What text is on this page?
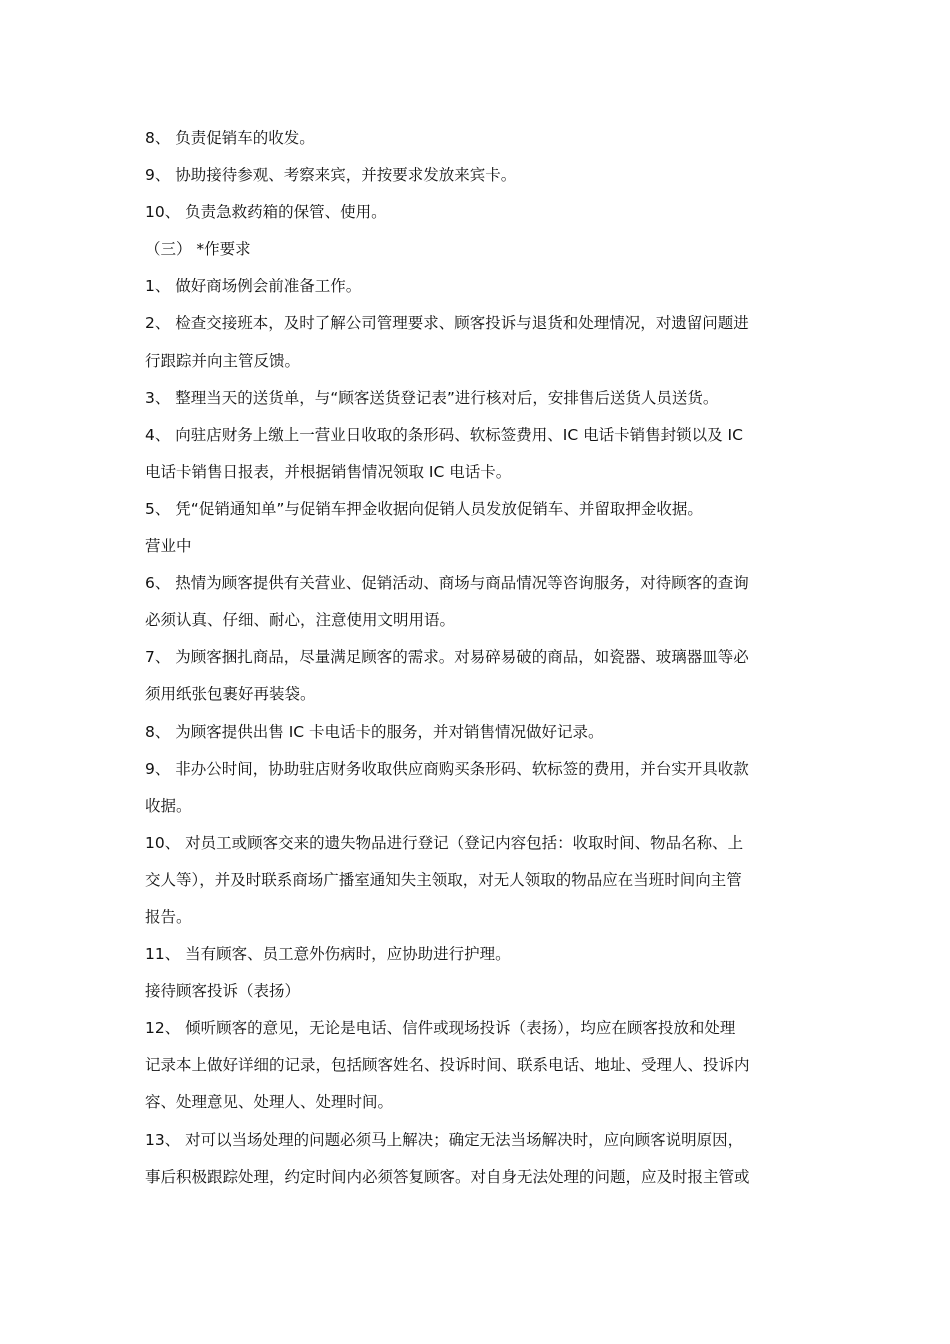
8、 负责促销车的收发。
9、 协助接待参观、考察来宾，并按要求发放来宾卡。
10、 负责急救药箱的保管、使用。
（三） *作要求
1、 做好商场例会前准备工作。
2、 检查交接班本，及时了解公司管理要求、顾客投诉与退货和处理情况，对遗留问题进
行跟踪并向主管反馈。
3、 整理当天的送货单，与“顾客送货登记表”进行核对后，安排售后送货人员送货。
4、 向驻店财务上缴上一营业日收取的条形码、软标签费用、IC 电话卡销售封锁以及 IC
电话卡销售日报表，并根据销售情况领取 IC 电话卡。
5、 凭“促销通知单”与促销车押金收据向促销人员发放促销车、并留取押金收据。
营业中
6、 热情为顾客提供有关营业、促销活动、商场与商品情况等咨询服务，对待顾客的查询
必须认真、仔细、耐心，注意使用文明用语。
7、 为顾客捆扎商品，尽量满足顾客的需求。对易碎易破的商品，如瓷器、玻璃器皿等必
须用纸张包裹好再装袋。
8、 为顾客提供出售 IC 卡电话卡的服务，并对销售情况做好记录。
9、 非办公时间，协助驻店财务收取供应商购买条形码、软标签的费用，并台实开具收款
收据。
10、 对员工或顾客交来的遗失物品进行登记（登记内容包括：收取时间、物品名称、上
交人等），并及时联系商场广播室通知失主领取，对无人领取的物品应在当班时间向主管
报告。
11、 当有顾客、员工意外伤病时，应协助进行护理。
接待顾客投诉（表扬）
12、 倾听顾客的意见，无论是电话、信件或现场投诉（表扬），均应在顾客投放和处理
记录本上做好详细的记录，包括顾客姓名、投诉时间、联系电话、地址、受理人、投诉内
容、处理意见、处理人、处理时间。
13、 对可以当场处理的问题必须马上解决；确定无法当场解决时，应向顾客说明原因，
事后积极跟踪处理，约定时间内必须答复顾客。对自身无法处理的问题，应及时报主管或
